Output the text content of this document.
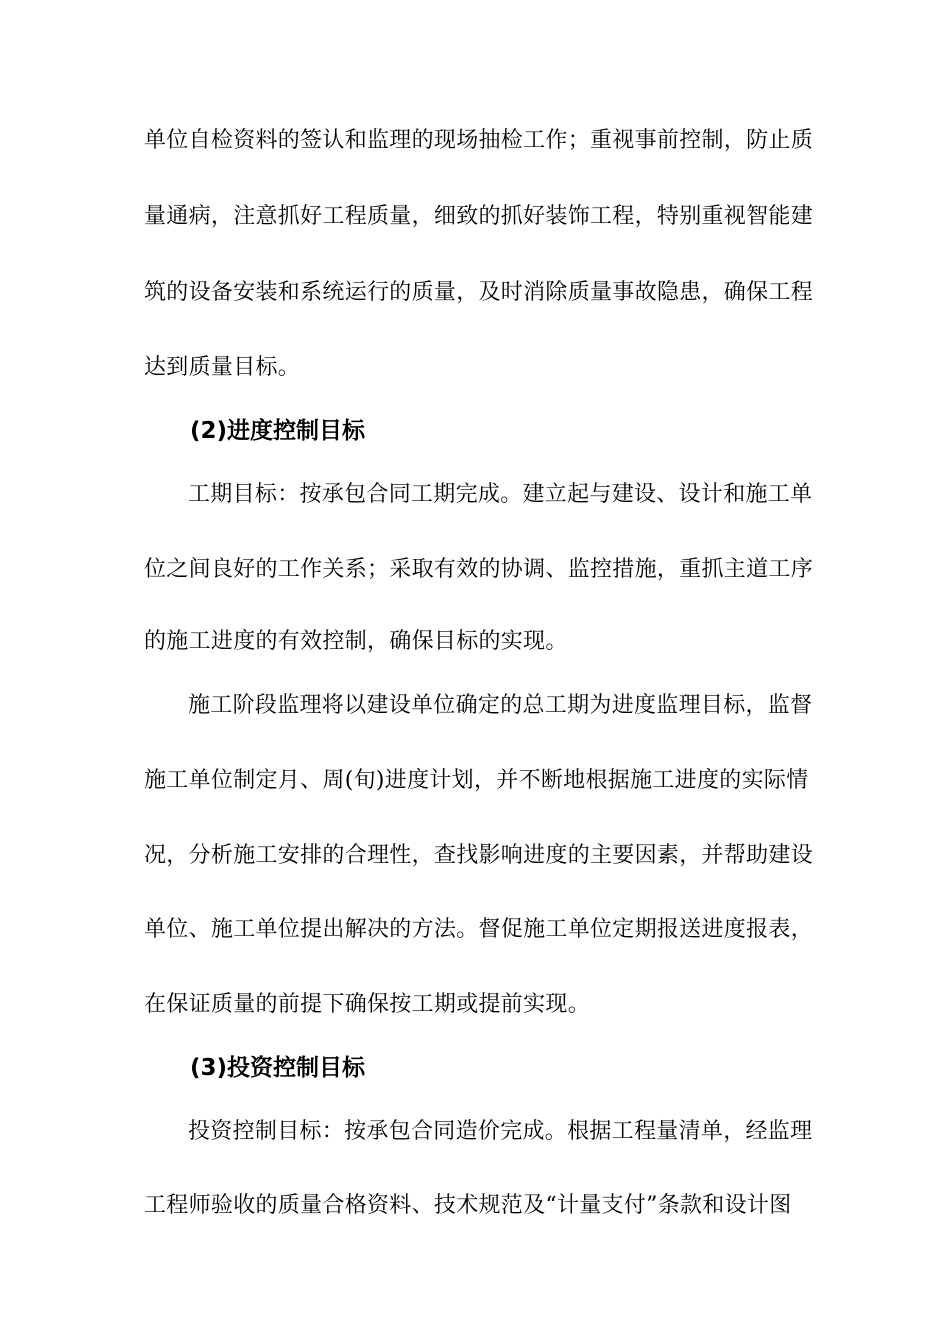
单位自检资料的签认和监理的现场抽检工作；重视事前控制，防止质
量通病，注意抓好工程质量，细致的抓好装饰工程，特别重视智能建
筑的设备安装和系统运行的质量，及时消除质量事故隐患，确保工程
达到质量目标。
(2)进度控制目标
工期目标：按承包合同工期完成。建立起与建设、设计和施工单
位之间良好的工作关系；采取有效的协调、监控措施，重抓主道工序
的施工进度的有效控制，确保目标的实现。
施工阶段监理将以建设单位确定的总工期为进度监理目标，监督
施工单位制定月、周(旬)进度计划，并不断地根据施工进度的实际情
况，分析施工安排的合理性，查找影响进度的主要因素，并帮助建设
单位、施工单位提出解决的方法。督促施工单位定期报送进度报表，
在保证质量的前提下确保按工期或提前实现。
(3)投资控制目标
投资控制目标：按承包合同造价完成。根据工程量清单，经监理
工程师验收的质量合格资料、技术规范及“计量支付”条款和设计图
